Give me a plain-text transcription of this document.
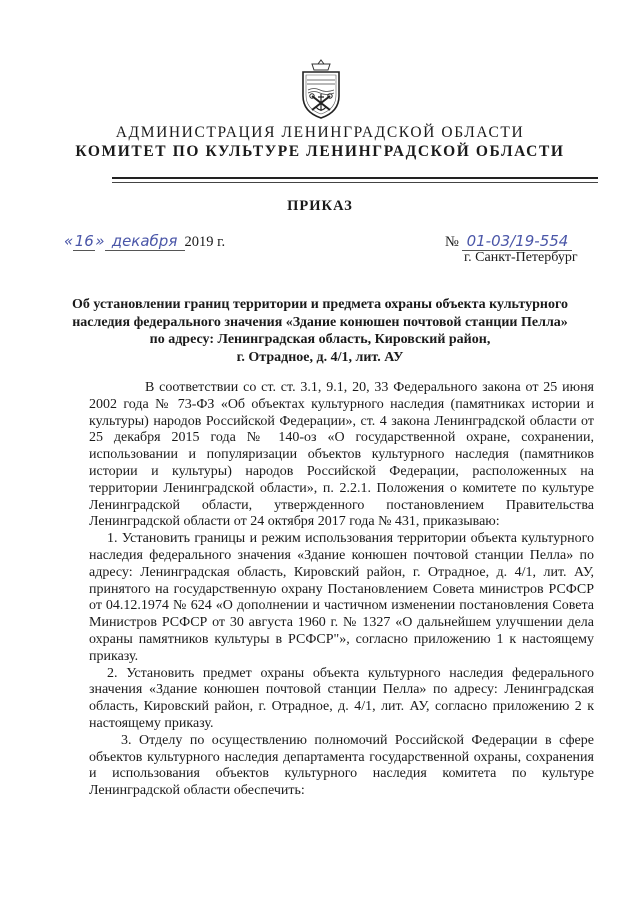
АДМИНИСТРАЦИЯ ЛЕНИНГРАДСКОЙ ОБЛАСТИ
КОМИТЕТ ПО КУЛЬТУРЕ ЛЕНИНГРАДСКОЙ ОБЛАСТИ
ПРИКАЗ
«16» декабря 2019 г.	№ 01-03/19-554
г. Санкт-Петербург
Об установлении границ территории и предмета охраны объекта культурного
наследия федерального значения «Здание конюшен почтовой станции Пелла»
по адресу: Ленинградская область, Кировский район,
г. Отрадное, д. 4/1, лит. АУ

В соответствии со ст. ст. 3.1, 9.1, 20, 33 Федерального закона от 25 июня 2002 года № 73-ФЗ «Об объектах культурного наследия (памятниках истории и культуры) народов Российской Федерации», ст. 4 закона Ленинградской области от 25 декабря 2015 года № 140-оз «О государственной охране, сохранении, использовании и популяризации объектов культурного наследия (памятников истории и культуры) народов Российской Федерации, расположенных на территории Ленинградской области», п. 2.2.1. Положения о комитете по культуре Ленинградской области, утвержденного постановлением Правительства Ленинградской области от 24 октября 2017 года № 431, приказываю:

1. Установить границы и режим использования территории объекта культурного наследия федерального значения «Здание конюшен почтовой станции Пелла» по адресу: Ленинградская область, Кировский район, г. Отрадное, д. 4/1, лит. АУ, принятого на государственную охрану Постановлением Совета министров РСФСР от 04.12.1974 № 624 «О дополнении и частичном изменении постановления Совета Министров РСФСР от 30 августа 1960 г. № 1327 «О дальнейшем улучшении дела охраны памятников культуры в РСФСР"», согласно приложению 1 к настоящему приказу.

2. Установить предмет охраны объекта культурного наследия федерального значения «Здание конюшен почтовой станции Пелла» по адресу: Ленинградская область, Кировский район, г. Отрадное, д. 4/1, лит. АУ, согласно приложению 2 к настоящему приказу.

3. Отделу по осуществлению полномочий Российской Федерации в сфере объектов культурного наследия департамента государственной охраны, сохранения и использования объектов культурного наследия комитета по культуре Ленинградской области обеспечить:
